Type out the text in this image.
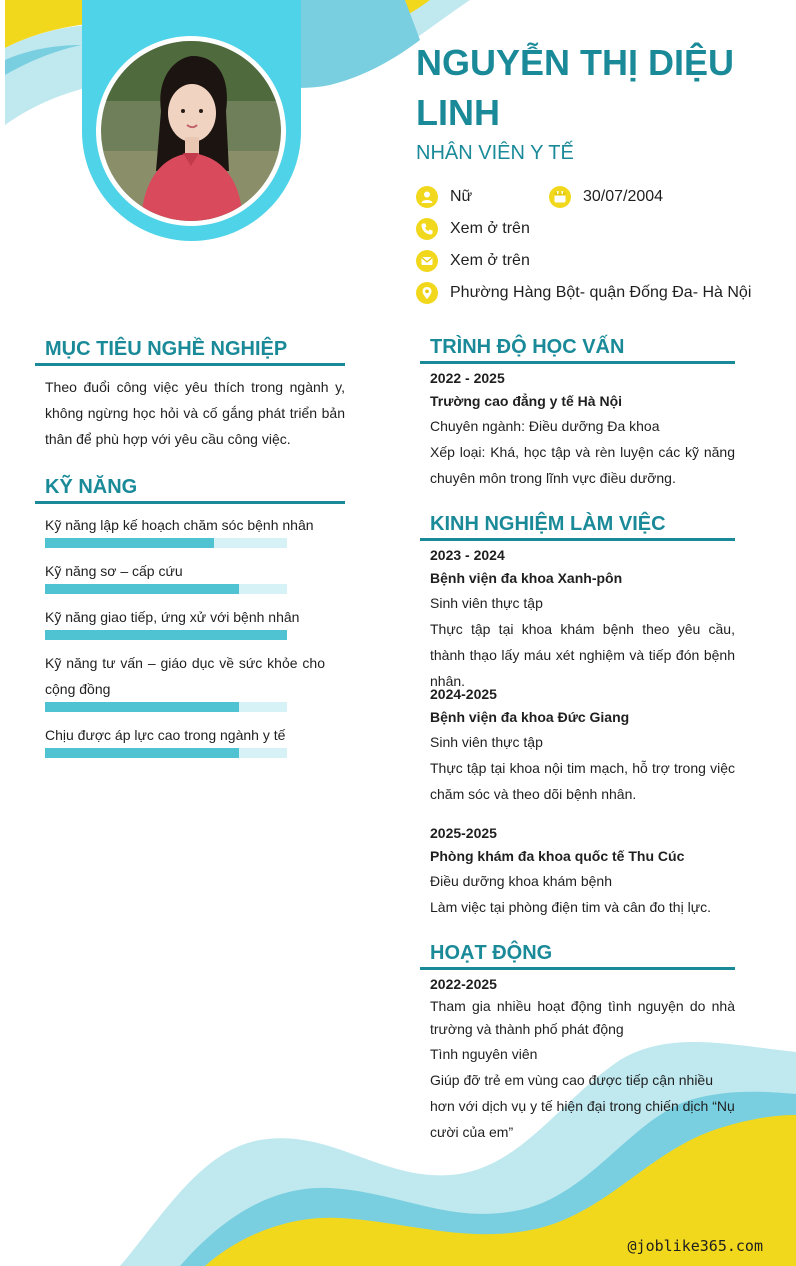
NGUYỄN THỊ DIỆU LINH
NHÂN VIÊN Y TẾ
Nữ	30/07/2004
Xem ở trên
Xem ở trên
Phường Hàng Bột- quận Đống Đa- Hà Nội
MỤC TIÊU NGHỀ NGHIỆP
Theo đuổi công việc yêu thích trong ngành y, không ngừng học hỏi và cố gắng phát triển bản thân để phù hợp với yêu cầu công việc.
KỸ NĂNG
Kỹ năng lập kế hoạch chăm sóc bệnh nhân
Kỹ năng sơ – cấp cứu
Kỹ năng giao tiếp, ứng xử với bệnh nhân
Kỹ năng tư vấn – giáo dục về sức khỏe cho cộng đồng
Chịu được áp lực cao trong ngành y tế
TRÌNH ĐỘ HỌC VẤN
2022 - 2025
Trường cao đẳng y tế Hà Nội
Chuyên ngành: Điều dưỡng Đa khoa
Xếp loại: Khá, học tập và rèn luyện các kỹ năng chuyên môn trong lĩnh vực điều dưỡng.
KINH NGHIỆM LÀM VIỆC
2023 - 2024
Bệnh viện đa khoa Xanh-pôn
Sinh viên thực tập
Thực tập tại khoa khám bệnh theo yêu cầu, thành thạo lấy máu xét nghiệm và tiếp đón bệnh nhân.
2024-2025
Bệnh viện đa khoa Đức Giang
Sinh viên thực tập
Thực tập tại khoa nội tim mạch, hỗ trợ trong việc chăm sóc và theo dõi bệnh nhân.
2025-2025
Phòng khám đa khoa quốc tế Thu Cúc
Điều dưỡng khoa khám bệnh
Làm việc tại phòng điện tim và cân đo thị lực.
HOẠT ĐỘNG
2022-2025
Tham gia nhiều hoạt động tình nguyện do nhà trường và thành phố phát động
Tình nguyên viên
Giúp đỡ trẻ em vùng cao được tiếp cận nhiều hơn với dịch vụ y tế hiện đại trong chiến dịch “Nụ cười của em”
@joblike365.com
